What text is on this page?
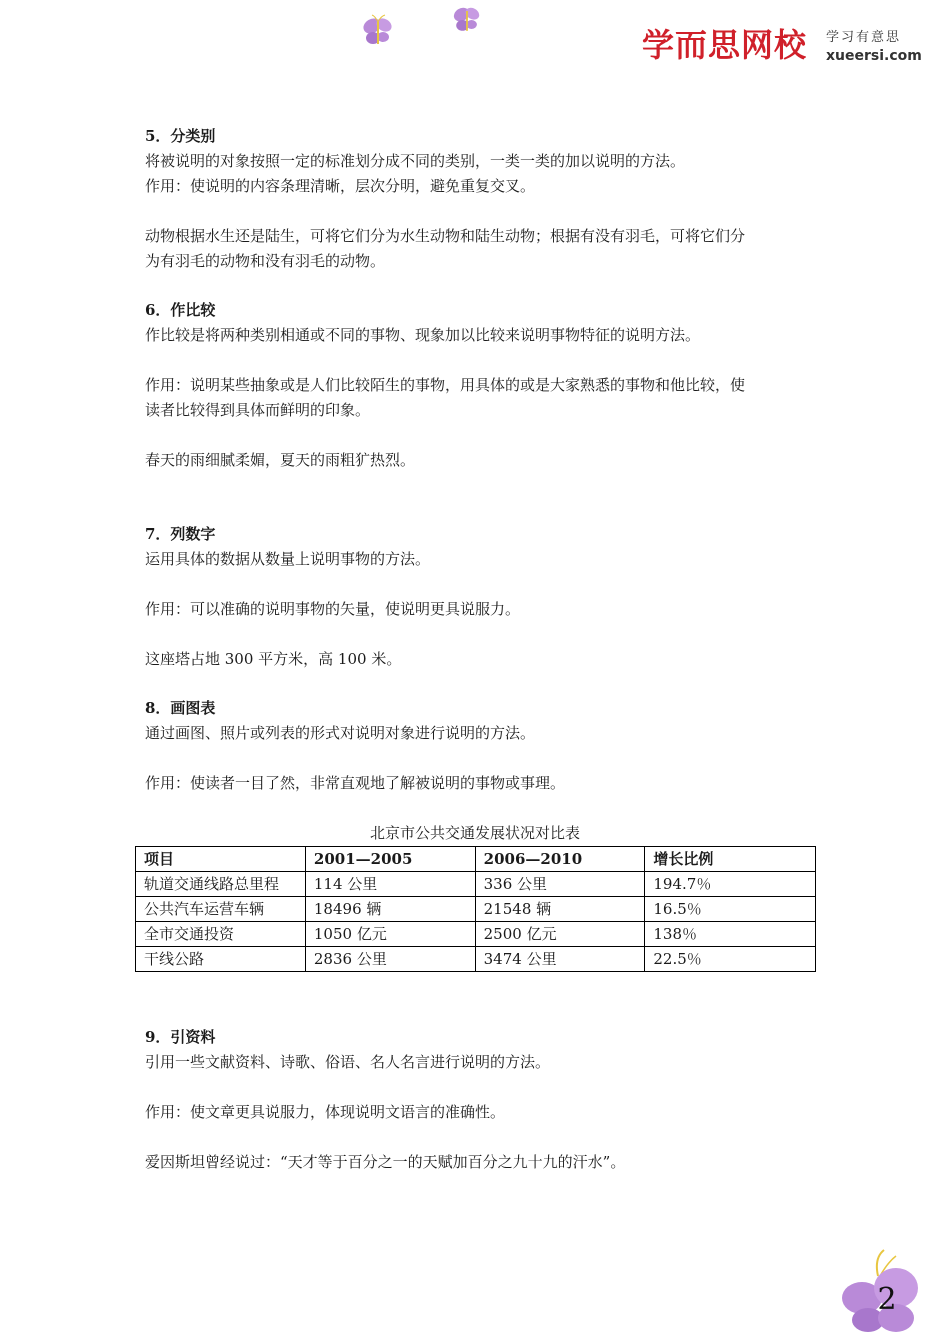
学而思网校 学习有意思
xueersi.com
5．分类别
将被说明的对象按照一定的标准划分成不同的类别，一类一类的加以说明的方法。
作用：使说明的内容条理清晰，层次分明，避免重复交叉。
动物根据水生还是陆生，可将它们分为水生动物和陆生动物；根据有没有羽毛，可将它们分
为有羽毛的动物和没有羽毛的动物。
6．作比较
作比较是将两种类别相通或不同的事物、现象加以比较来说明事物特征的说明方法。
作用：说明某些抽象或是人们比较陌生的事物，用具体的或是大家熟悉的事物和他比较，使
读者比较得到具体而鲜明的印象。
春天的雨细腻柔媚，夏天的雨粗犷热烈。
7．列数字
运用具体的数据从数量上说明事物的方法。
作用：可以准确的说明事物的矢量，使说明更具说服力。
这座塔占地 300 平方米，高 100 米。
8．画图表
通过画图、照片或列表的形式对说明对象进行说明的方法。
作用：使读者一目了然，非常直观地了解被说明的事物或事理。
北京市公共交通发展状况对比表
项目	2001—2005	2006—2010	增长比例
轨道交通线路总里程	114 公里	336 公里	194.7％
公共汽车运营车辆	18496 辆	21548 辆	16.5％
全市交通投资	1050 亿元	2500 亿元	138％
干线公路	2836 公里	3474 公里	22.5％
9．引资料
引用一些文献资料、诗歌、俗语、名人名言进行说明的方法。
作用：使文章更具说服力，体现说明文语言的准确性。
爱因斯坦曾经说过：“天才等于百分之一的天赋加百分之九十九的汗水”。
2
